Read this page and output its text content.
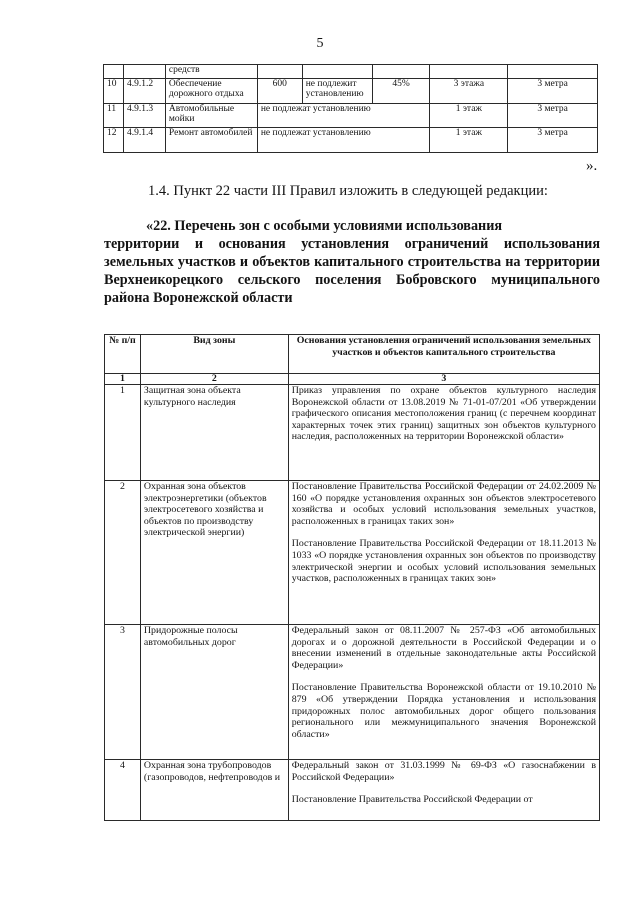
5
		средств					
10	4.9.1.2	Обеспечение дорожного отдыха	600	не подлежит установлению	45%	3 этажа	3 метра
11	4.9.1.3	Автомобильные мойки	не подлежат установлению			1 этаж	3 метра
12	4.9.1.4	Ремонт автомобилей	не подлежат установлению			1 этаж	3 метра
».
1.4. Пункт 22 части III Правил изложить в следующей редакции:
«22. Перечень зон с особыми условиями использования
территории и основания установления ограничений использования земельных участков и объектов капитального строительства на территории Верхнеикорецкого сельского поселения Бобровского муниципального района Воронежской области
№ п/п	Вид зоны	Основания установления ограничений использования земельных участков и объектов капитального строительства
1	2	3
1	Защитная зона объекта культурного наследия	Приказ управления по охране объектов культурного наследия Воронежской области от 13.08.2019 № 71-01-07/201 «Об утверждении графического описания местоположения границ (с перечнем координат характерных точек этих границ) защитных зон объектов культурного наследия, расположенных на территории Воронежской области»

2	Охранная зона объектов электроэнергетики (объектов электросетевого хозяйства и объектов по производству электрической энергии)	Постановление Правительства Российской Федерации от 24.02.2009 № 160 «О порядке установления охранных зон объектов электросетевого хозяйства и особых условий использования земельных участков, расположенных в границах таких зон»

Постановление Правительства Российской Федерации от 18.11.2013 № 1033 «О порядке установления охранных зон объектов по производству электрической энергии и особых условий использования земельных участков, расположенных в границах таких зон»

3	Придорожные полосы автомобильных дорог	Федеральный закон от 08.11.2007 № 257-ФЗ «Об автомобильных дорогах и о дорожной деятельности в Российской Федерации и о внесении изменений в отдельные законодательные акты Российской Федерации»

Постановление Правительства Воронежской области от 19.10.2010 № 879 «Об утверждении Порядка установления и использования придорожных полос автомобильных дорог общего пользования регионального или межмуниципального значения Воронежской области»

4	Охранная зона трубопроводов (газопроводов, нефтепроводов и	Федеральный закон от 31.03.1999 № 69-ФЗ «О газоснабжении в Российской Федерации»

Постановление Правительства Российской Федерации от
